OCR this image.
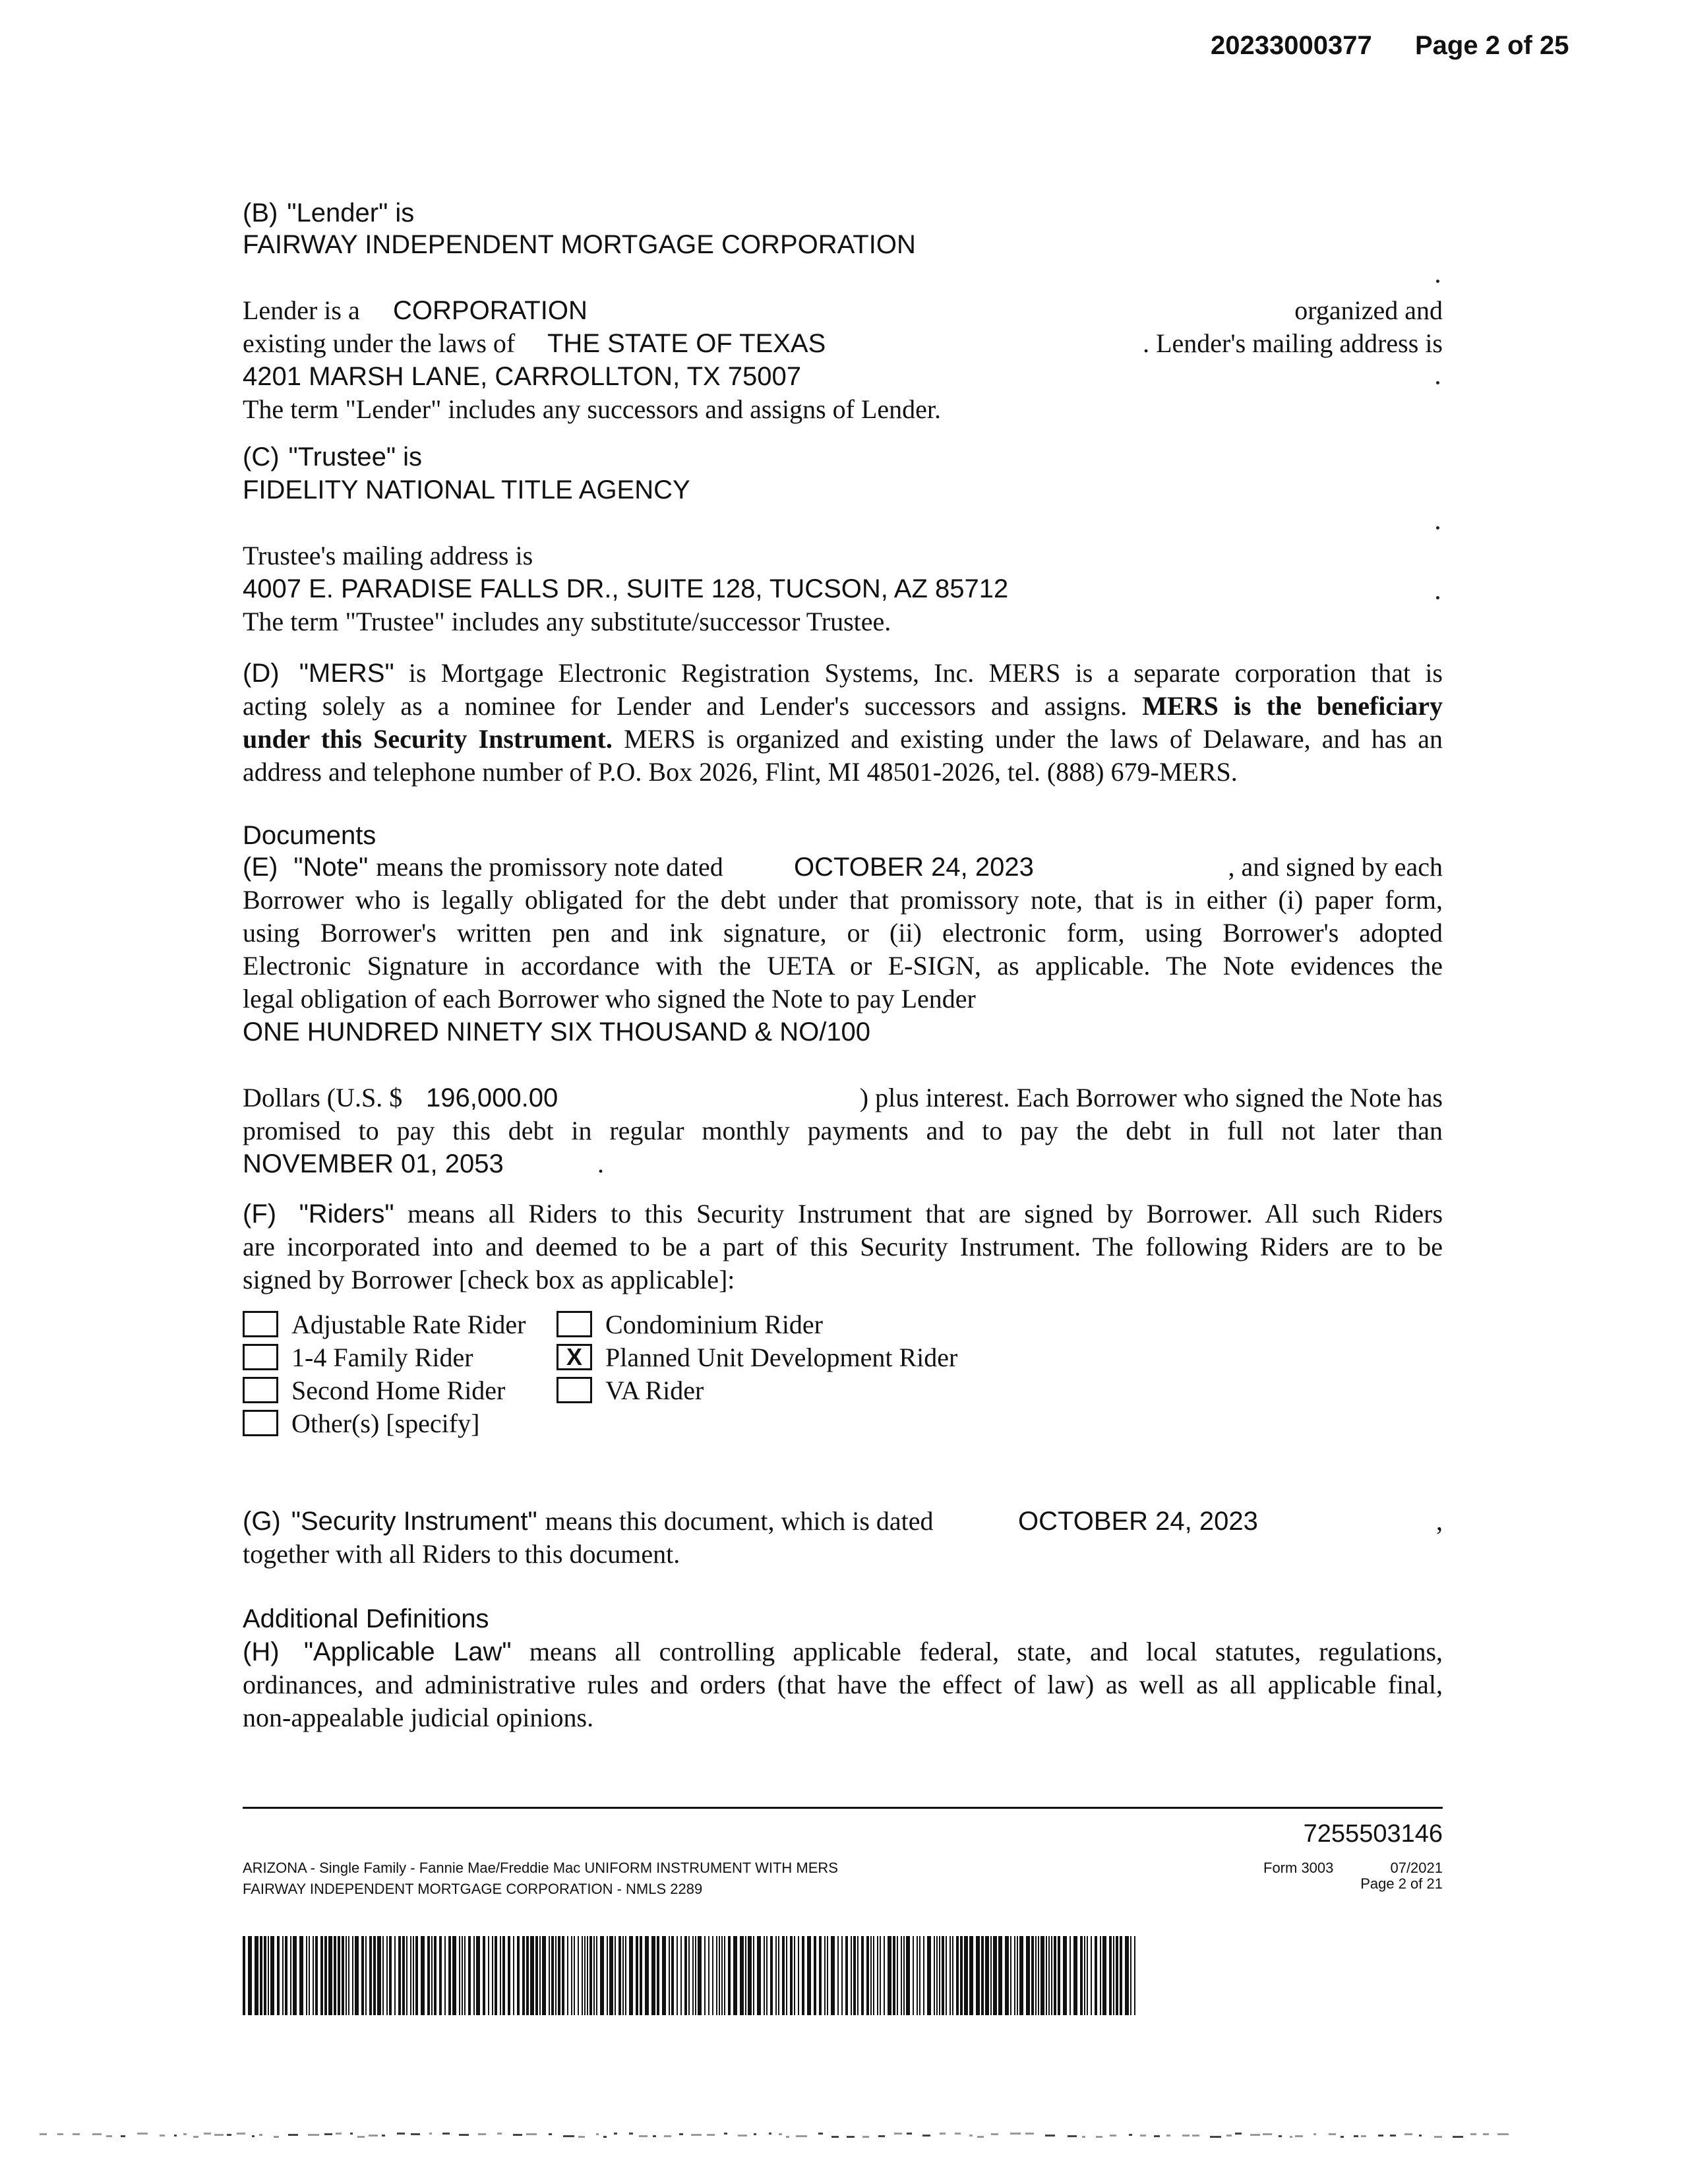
20233000377 Page 2 of 25
(B) "Lender" is
FAIRWAY INDEPENDENT MORTGAGE CORPORATION
Lender is a CORPORATION	organized and
existing under the laws of THE STATE OF TEXAS	. Lender's mailing address is
4201 MARSH LANE, CARROLLTON, TX 75007
The term "Lender" includes any successors and assigns of Lender.
(C) "Trustee" is
FIDELITY NATIONAL TITLE AGENCY
Trustee's mailing address is
4007 E. PARADISE FALLS DR., SUITE 128, TUCSON, AZ 85712
The term "Trustee" includes any substitute/successor Trustee.
(D) "MERS" is Mortgage Electronic Registration Systems, Inc. MERS is a separate corporation that is
acting solely as a nominee for Lender and Lender's successors and assigns. MERS is the beneficiary
under this Security Instrument. MERS is organized and existing under the laws of Delaware, and has an
address and telephone number of P.O. Box 2026, Flint, MI 48501-2026, tel. (888) 679-MERS.
Documents
(E) "Note" means the promissory note dated	OCTOBER 24, 2023	, and signed by each
Borrower who is legally obligated for the debt under that promissory note, that is in either (i) paper form,
using Borrower's written pen and ink signature, or (ii) electronic form, using Borrower's adopted
Electronic Signature in accordance with the UETA or E-SIGN, as applicable. The Note evidences the
legal obligation of each Borrower who signed the Note to pay Lender
ONE HUNDRED NINETY SIX THOUSAND & NO/100
Dollars (U.S. $ 196,000.00	) plus interest. Each Borrower who signed the Note has
promised to pay this debt in regular monthly payments and to pay the debt in full not later than
NOVEMBER 01, 2053	.
(F) "Riders" means all Riders to this Security Instrument that are signed by Borrower. All such Riders
are incorporated into and deemed to be a part of this Security Instrument. The following Riders are to be
signed by Borrower [check box as applicable]:
Adjustable Rate Rider
1-4 Family Rider
Second Home Rider
Other(s) [specify]
Condominium Rider
X Planned Unit Development Rider
VA Rider
(G) "Security Instrument" means this document, which is dated	OCTOBER 24, 2023	,
together with all Riders to this document.
Additional Definitions
(H) "Applicable Law" means all controlling applicable federal, state, and local statutes, regulations,
ordinances, and administrative rules and orders (that have the effect of law) as well as all applicable final,
non-appealable judicial opinions.
7255503146
ARIZONA - Single Family - Fannie Mae/Freddie Mac UNIFORM INSTRUMENT WITH MERS
FAIRWAY INDEPENDENT MORTGAGE CORPORATION - NMLS 2289
Form 3003	07/2021
Page 2 of 21
